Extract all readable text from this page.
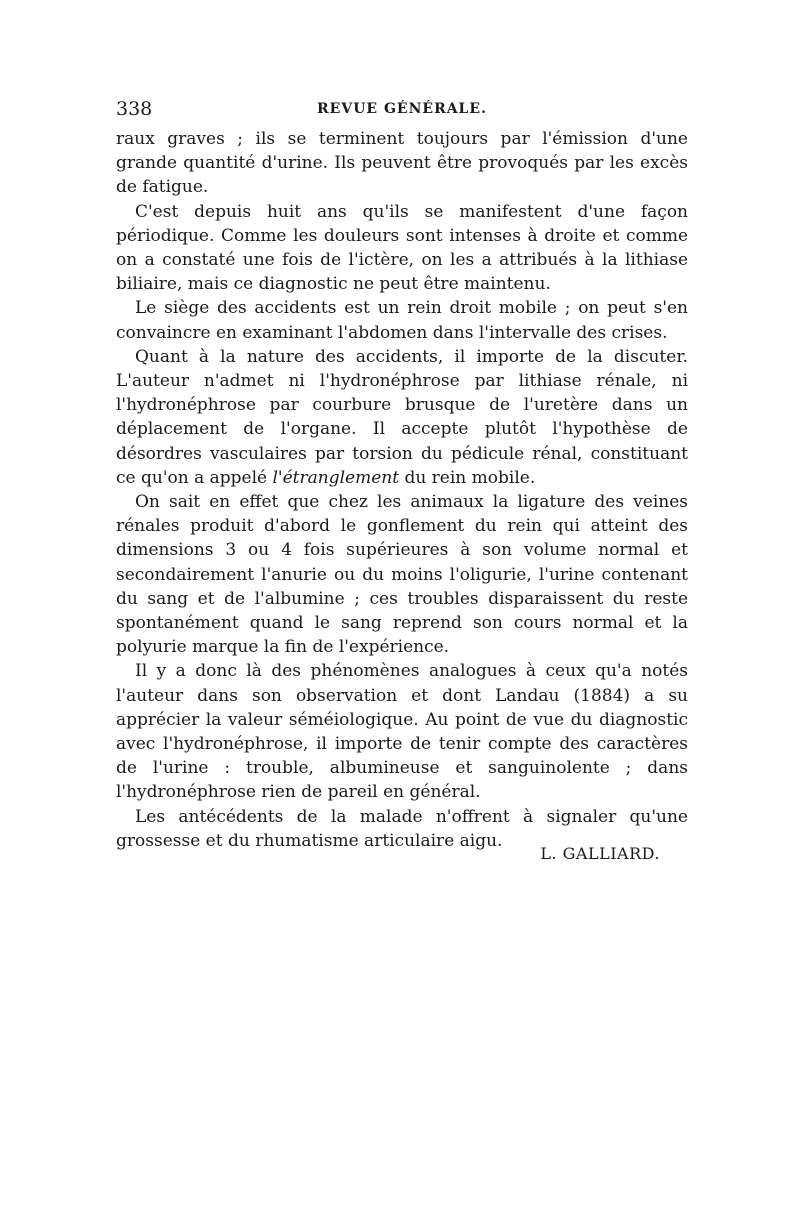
338	REVUE GÉNÉRALE.

raux graves ; ils se terminent toujours par l'émission d'une grande quantité d'urine. Ils peuvent être provoqués par les excès de fatigue.

C'est depuis huit ans qu'ils se manifestent d'une façon périodique. Comme les douleurs sont intenses à droite et comme on a constaté une fois de l'ictère, on les a attribués à la lithiase biliaire, mais ce diagnostic ne peut être maintenu.

Le siège des accidents est un rein droit mobile ; on peut s'en convaincre en examinant l'abdomen dans l'intervalle des crises.

Quant à la nature des accidents, il importe de la discuter. L'auteur n'admet ni l'hydronéphrose par lithiase rénale, ni l'hydronéphrose par courbure brusque de l'uretère dans un déplacement de l'organe. Il accepte plutôt l'hypothèse de désordres vasculaires par torsion du pédicule rénal, constituant ce qu'on a appelé l'étranglement du rein mobile.

On sait en effet que chez les animaux la ligature des veines rénales produit d'abord le gonflement du rein qui atteint des dimensions 3 ou 4 fois supérieures à son volume normal et secondairement l'anurie ou du moins l'oligurie, l'urine contenant du sang et de l'albumine ; ces troubles disparaissent du reste spontanément quand le sang reprend son cours normal et la polyurie marque la fin de l'expérience.

Il y a donc là des phénomènes analogues à ceux qu'a notés l'auteur dans son observation et dont Landau (1884) a su apprécier la valeur séméiologique. Au point de vue du diagnostic avec l'hydronéphrose, il importe de tenir compte des caractères de l'urine : trouble, albumineuse et sanguinolente ; dans l'hydronéphrose rien de pareil en général.

Les antécédents de la malade n'offrent à signaler qu'une grossesse et du rhumatisme articulaire aigu.

L. GALLIARD.
